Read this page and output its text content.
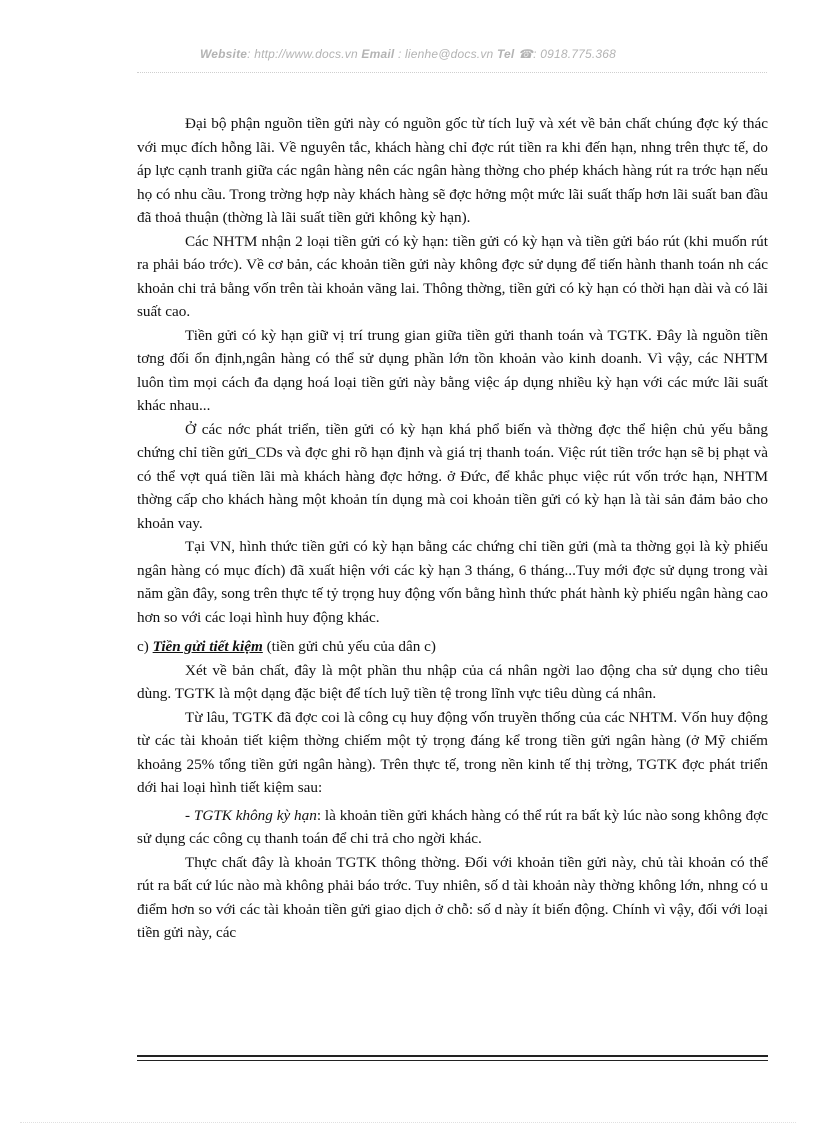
Website: http://www.docs.vn Email : lienhe@docs.vn Tel ☎: 0918.775.368

Đại bộ phận nguồn tiền gửi này có nguồn gốc từ tích luỹ và xét về bản chất chúng đợc ký thác với mục đích hỗng lãi. Về nguyên tắc, khách hàng chỉ đợc rút tiền ra khi đến hạn, nhng trên thực tế, do áp lực cạnh tranh giữa các ngân hàng nên các ngân hàng thờng cho phép khách hàng rút ra trớc hạn nếu họ có nhu cầu. Trong trờng hợp này khách hàng sẽ đợc hởng một mức lãi suất thấp hơn lãi suất ban đầu đã thoả thuận (thờng là lãi suất tiền gửi không kỳ hạn).

Các NHTM nhận 2 loại tiền gửi có kỳ hạn: tiền gửi có kỳ hạn và tiền gửi báo rút (khi muốn rút ra phải báo trớc). Về cơ bản, các khoản tiền gửi này không đợc sử dụng để tiến hành thanh toán nh các khoản chi trả bằng vốn trên tài khoản vãng lai. Thông thờng, tiền gửi có kỳ hạn có thời hạn dài và có lãi suất cao.

Tiền gửi có kỳ hạn giữ vị trí trung gian giữa tiền gửi thanh toán và TGTK. Đây là nguồn tiền tơng đối ổn định,ngân hàng có thể sử dụng phần lớn tồn khoản vào kinh doanh. Vì vậy, các NHTM luôn tìm mọi cách đa dạng hoá loại tiền gửi này bằng việc áp dụng nhiều kỳ hạn với các mức lãi suất khác nhau...

Ở các nớc phát triển, tiền gửi có kỳ hạn khá phổ biến và thờng đợc thể hiện chủ yếu bằng chứng chỉ tiền gửi_CDs và đợc ghi rõ hạn định và giá trị thanh toán. Việc rút tiền trớc hạn sẽ bị phạt và có thể vợt quá tiền lãi mà khách hàng đợc hởng. ở Đức, để khắc phục việc rút vốn trớc hạn, NHTM thờng cấp cho khách hàng một khoản tín dụng mà coi khoản tiền gửi có kỳ hạn là tài sản đảm bảo cho khoản vay.

Tại VN, hình thức tiền gửi có kỳ hạn bằng các chứng chỉ tiền gửi (mà ta thờng gọi là kỳ phiếu ngân hàng có mục đích) đã xuất hiện với các kỳ hạn 3 tháng, 6 tháng...Tuy mới đợc sử dụng trong vài năm gần đây, song trên thực tế tỷ trọng huy động vốn bằng hình thức phát hành kỳ phiếu ngân hàng cao hơn so với các loại hình huy động khác.

c) Tiền gửi tiết kiệm (tiền gửi chủ yếu của dân c)

Xét về bản chất, đây là một phần thu nhập của cá nhân ngời lao động cha sử dụng cho tiêu dùng. TGTK là một dạng đặc biệt để tích luỹ tiền tệ trong lĩnh vực tiêu dùng cá nhân.

Từ lâu, TGTK đã đợc coi là công cụ huy động vốn truyền thống của các NHTM. Vốn huy động từ các tài khoản tiết kiệm thờng chiếm một tỷ trọng đáng kể trong tiền gửi ngân hàng (ở Mỹ chiếm khoảng 25% tổng tiền gửi ngân hàng). Trên thực tế, trong nền kinh tế thị trờng, TGTK đợc phát triển dới hai loại hình tiết kiệm sau:

- TGTK không kỳ hạn: là khoản tiền gửi khách hàng có thể rút ra bất kỳ lúc nào song không đợc sử dụng các công cụ thanh toán để chi trả cho ngời khác.

Thực chất đây là khoản TGTK thông thờng. Đối với khoản tiền gửi này, chủ tài khoản có thể rút ra bất cứ lúc nào mà không phải báo trớc. Tuy nhiên, số d tài khoản này thờng không lớn, nhng có u điểm hơn so với các tài khoản tiền gửi giao dịch ở chỗ: số d này ít biến động. Chính vì vậy, đối với loại tiền gửi này, các
